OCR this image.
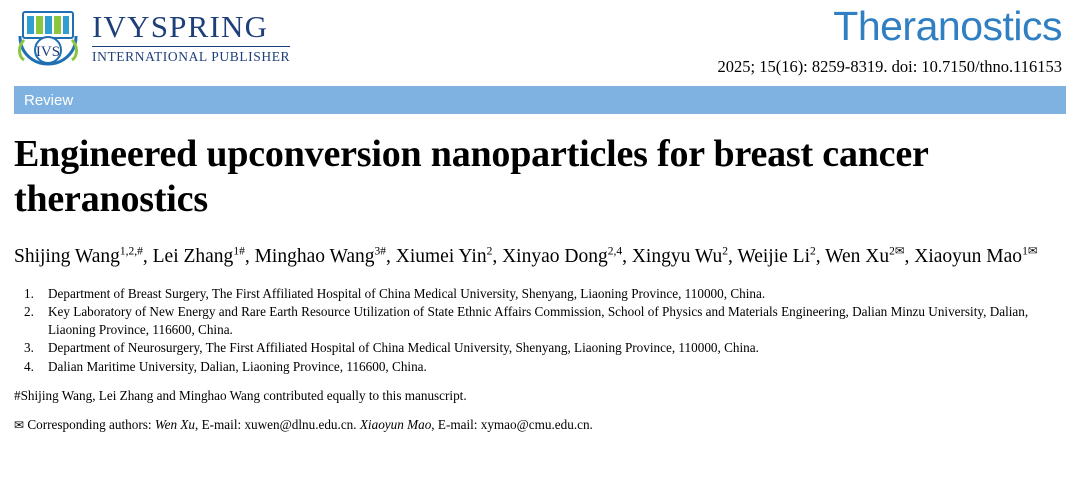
IVS
IVYSPRING
INTERNATIONAL PUBLISHER
Theranostics
2025; 15(16): 8259-8319. doi: 10.7150/thno.116153
Review
Engineered upconversion nanoparticles for breast cancer theranostics
Shijing Wang$^{1,2,\#}$, Lei Zhang$^{1\#}$, Minghao Wang$^{3\#}$, Xiumei Yin$^2$, Xinyao Dong$^{2,4}$, Xingyu Wu$^2$, Weijie Li$^2$, Wen $Xu^{2✉}$, Xiaoyun Mao$^{1✉}$
1.	Department of Breast Surgery, The First Affiliated Hospital of China Medical University, Shenyang, Liaoning Province, 110000, China.
2.	Key Laboratory of New Energy and Rare Earth Resource Utilization of State Ethnic Affairs Commission, School of Physics and Materials Engineering, Dalian Minzu University, Dalian, Liaoning Province, 116600, China.
3.	Department of Neurosurgery, The First Affiliated Hospital of China Medical University, Shenyang, Liaoning Province, 110000, China.
4.	Dalian Maritime University, Dalian, Liaoning Province, 116600, China.
#Shijing Wang, Lei Zhang and Minghao Wang contributed equally to this manuscript.
✉ Corresponding authors: Wen Xu, E-mail: xuwen@dlnu.edu.cn. Xiaoyun Mao, E-mail: xymao@cmu.edu.cn.
